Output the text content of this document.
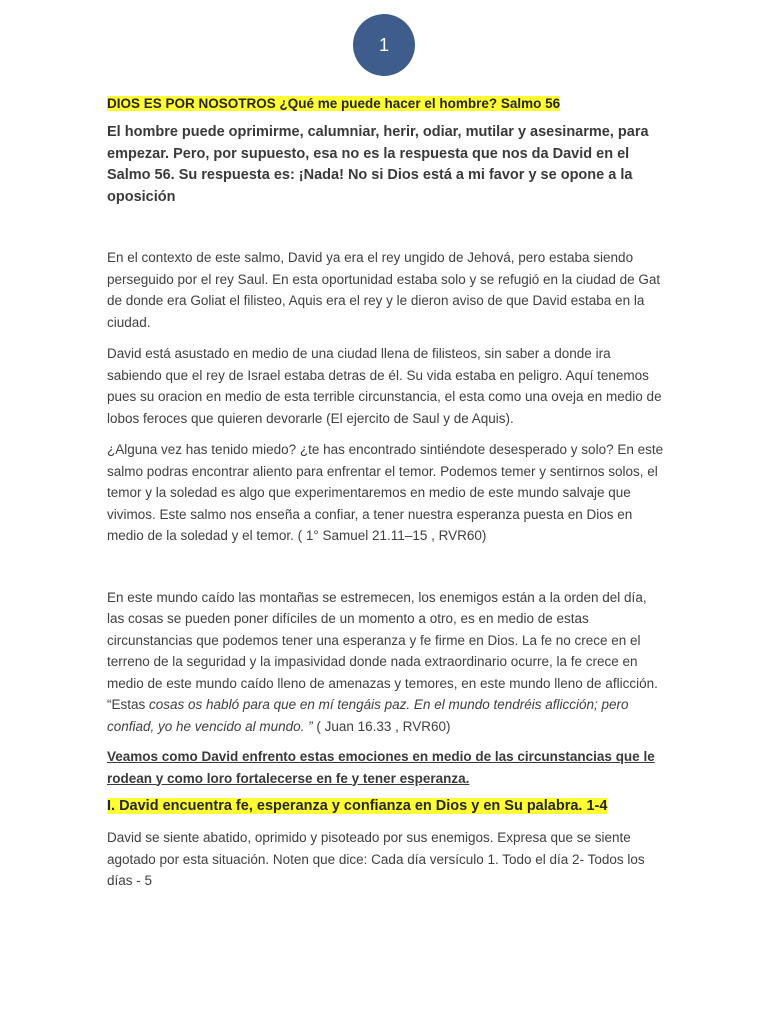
1

DIOS ES POR NOSOTROS ¿Qué me puede hacer el hombre? Salmo 56

El hombre puede oprimirme, calumniar, herir, odiar, mutilar y asesinarme, para empezar. Pero, por supuesto, esa no es la respuesta que nos da David en el Salmo 56. Su respuesta es: ¡Nada! No si Dios está a mi favor y se opone a la oposición

En el contexto de este salmo, David ya era el rey ungido de Jehová, pero estaba siendo perseguido por el rey Saul. En esta oportunidad estaba solo y se refugió en la ciudad de Gat de donde era Goliat el filisteo, Aquis era el rey y le dieron aviso de que David estaba en la ciudad.

David está asustado en medio de una ciudad llena de filisteos, sin saber a donde ira sabiendo que el rey de Israel estaba detras de él. Su vida estaba en peligro. Aquí tenemos pues su oracion en medio de esta terrible circunstancia, el esta como una oveja en medio de lobos feroces que quieren devorarle (El ejercito de Saul y de Aquis).

¿Alguna vez has tenido miedo? ¿te has encontrado sintiéndote desesperado y solo? En este salmo podras encontrar aliento para enfrentar el temor. Podemos temer y sentirnos solos, el temor y la soledad es algo que experimentaremos en medio de este mundo salvaje que vivimos. Este salmo nos enseña a confiar, a tener nuestra esperanza puesta en Dios en medio de la soledad y el temor. ( 1° Samuel 21.11–15 , RVR60)

En este mundo caído las montañas se estremecen, los enemigos están a la orden del día, las cosas se pueden poner difíciles de un momento a otro, es en medio de estas circunstancias que podemos tener una esperanza y fe firme en Dios. La fe no crece en el terreno de la seguridad y la impasividad donde nada extraordinario ocurre, la fe crece en medio de este mundo caído lleno de amenazas y temores, en este mundo lleno de aflicción. “Estas cosas os habló para que en mí tengáis paz. En el mundo tendréis aflicción; pero confiad, yo he vencido al mundo. ” ( Juan 16.33 , RVR60)

Veamos como David enfrento estas emociones en medio de las circunstancias que le rodean y como loro fortalecerse en fe y tener esperanza.

I. David encuentra fe, esperanza y confianza en Dios y en Su palabra. 1-4

David se siente abatido, oprimido y pisoteado por sus enemigos. Expresa que se siente agotado por esta situación. Noten que dice: Cada día versículo 1. Todo el día 2- Todos los días - 5
